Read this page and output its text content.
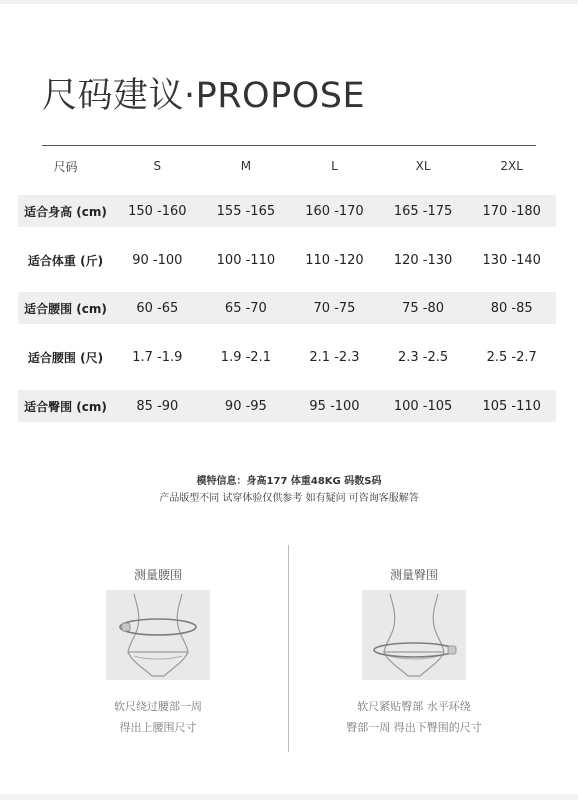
尺码建议·PROPOSE
尺码	S	M	L	XL	2XL
适合身高 (cm)	150 -160	155 -165	160 -170	165 -175	170 -180
适合体重 (斤)	90 -100	100 -110	110 -120	120 -130	130 -140
适合腰围 (cm)	60 -65	65 -70	70 -75	75 -80	80 -85
适合腰围 (尺)	1.7 -1.9	1.9 -2.1	2.1 -2.3	2.3 -2.5	2.5 -2.7
适合臀围 (cm)	85 -90	90 -95	95 -100	100 -105	105 -110
模特信息：身高177 体重48KG 码数S码
产品版型不同 试穿体验仅供参考 如有疑问 可咨询客服解答
测量腰围
软尺绕过腰部一周
得出上腰围尺寸
测量臀围
软尺紧贴臀部 水平环绕
臀部一周 得出下臀围的尺寸
